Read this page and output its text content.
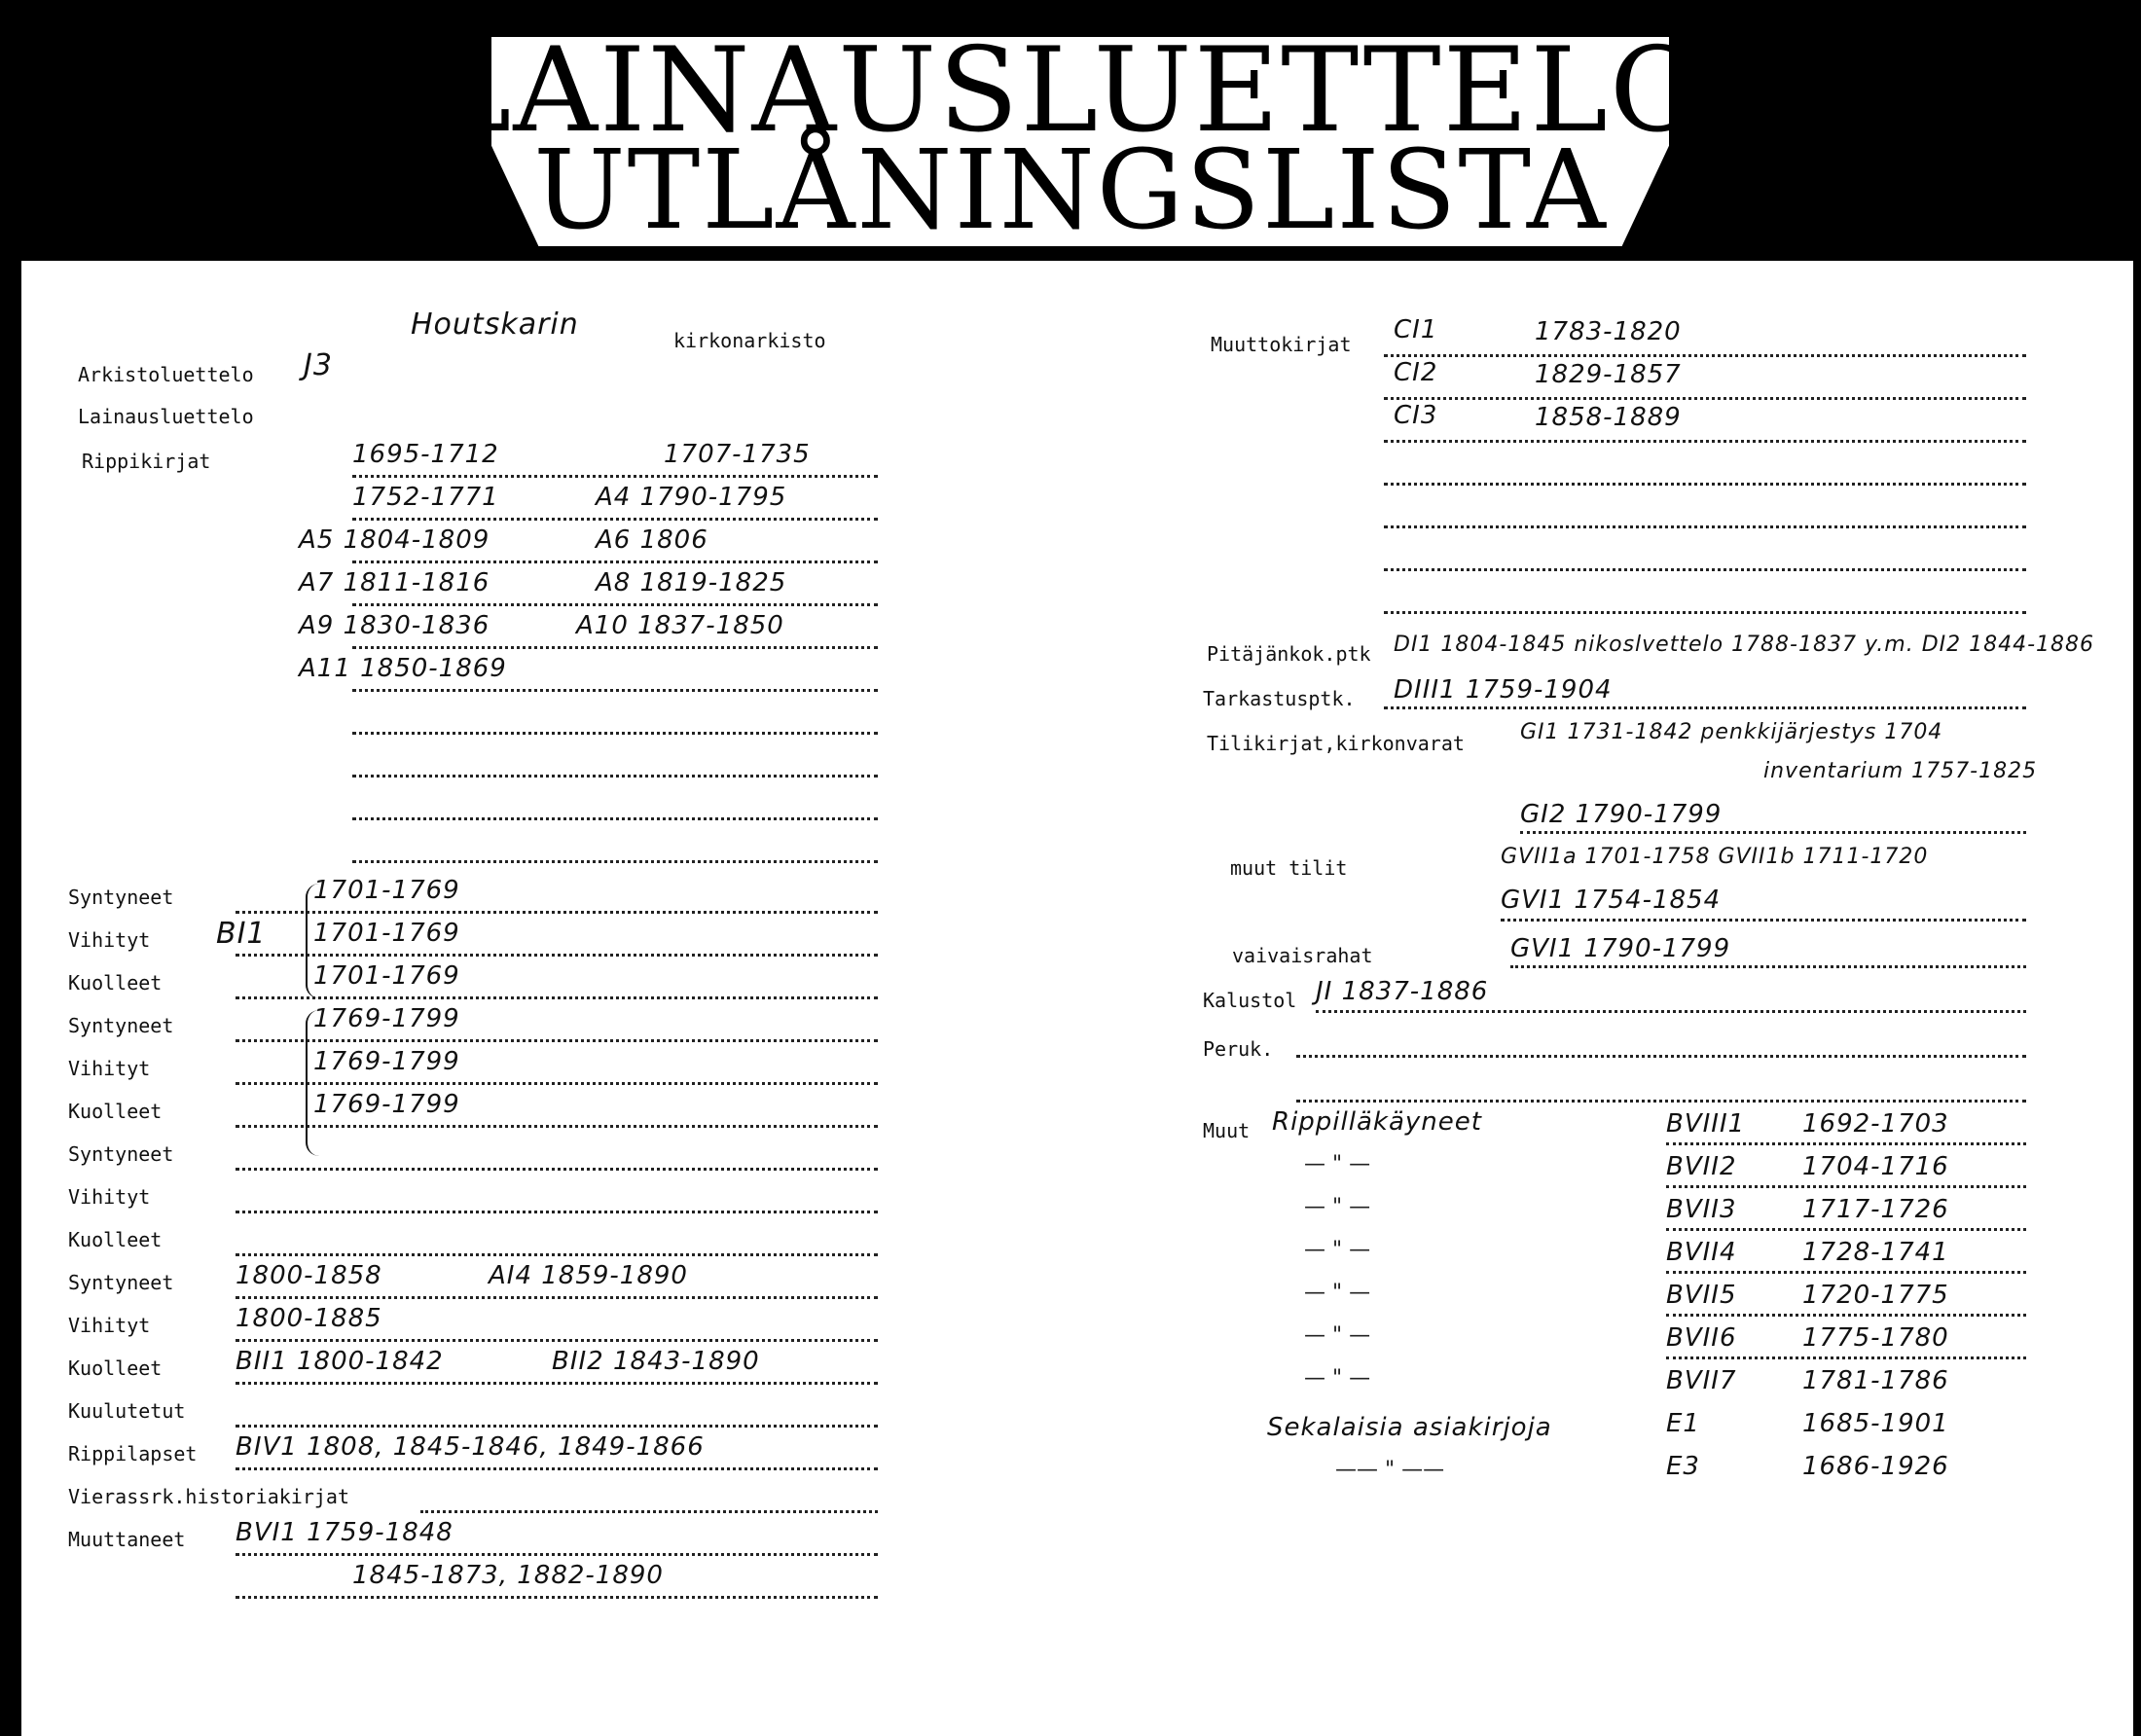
LAINAUSLUETTELO
UTLÅNINGSLISTA
Houtskarin	kirkonarkisto
Arkistoluettelo J3
Lainausluettelo
Rippikirjat	1695-1712	1707-1735
1752-1771	A4 1790-1795
A5 1804-1809	A6 1806
A7 1811-1816	A8 1819-1825
A9 1830-1836	A10 1837-1850
A11 1850-1869
Syntyneet	1701-1769
Vihityt BI1 1701-1769
Kuolleet	1701-1769
Syntyneet	1769-1799
Vihityt	1769-1799
Kuolleet	1769-1799
Syntyneet
Vihityt
Kuolleet
Syntyneet 1800-1858	AI4 1859-1890
Vihityt	1800-1885
Kuolleet	BII1 1800-1842	BII2 1843-1890
Kuulutetut
Rippilapset BIV1 1808, 1845-1846, 1849-1866
Vierassrk.historiakirjat
Muuttaneet BVI1 1759-1848
1845-1873, 1882-1890
Muuttokirjat CI1	1783-1820
CI2	1829-1857
CI3	1858-1889
Pitäjänkok.ptk DI1 1804-1845 nikoslvettelo 1788-1837 y.m. DI2 1844-1886
Tarkastusptk. DIII1 1759-1904
Tilikirjat,kirkonvarat	GI1 1731-1842 penkkijärjestys 1704
inventarium 1757-1825
GI2 1790-1799
muut tilit	GVII1a 1701-1758 GVII1b 1711-1720
GVI1 1754-1854
vaivaisrahat	GVI1 1790-1799
Kalustol JI 1837-1886
Peruk.
Muut Rippilläkäyneet	BVIII1 1692-1703
— " —	BVII2	1704-1716
— " —	BVII3	1717-1726
— " —	BVII4	1728-1741
— " —	BVII5	1720-1775
— " —	BVII6	1775-1780
— " —	BVII7	1781-1786
Sekalaisia asiakirjoja	E1	1685-1901
—— " ——	E3	1686-1926
